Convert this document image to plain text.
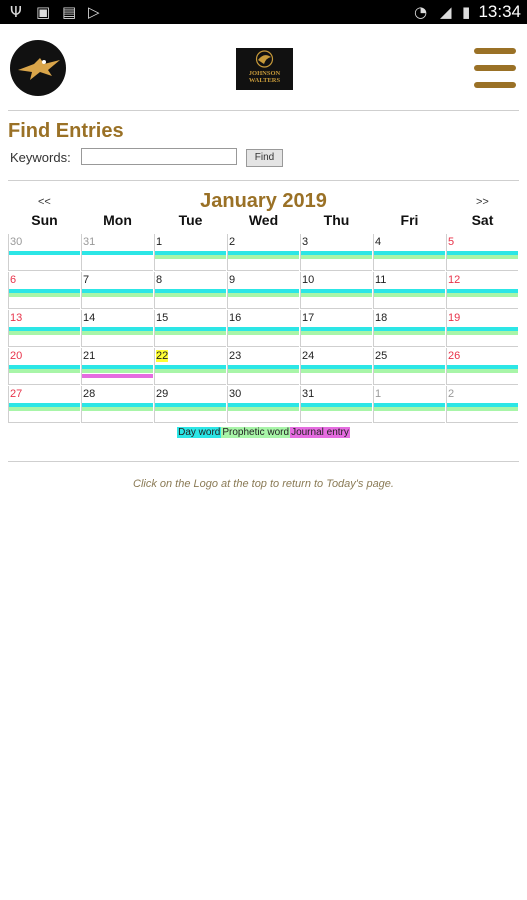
Ψ ▣ ▤ ▷	◔ ◢ ▮ 13:34
JOHNSON
WALTERS
Find Entries
Keywords:	Find
<<	January 2019	>>
Sun	Mon	Tue	Wed	Thu	Fri	Sat
30	31	1	2	3	4	5
6	7	8	9	10	11	12
13	14	15	16	17	18	19
20	21	22	23	24	25	26
27	28	29	30	31	1	2
Day word Prophetic word Journal entry
Click on the Logo at the top to return to Today's page.
